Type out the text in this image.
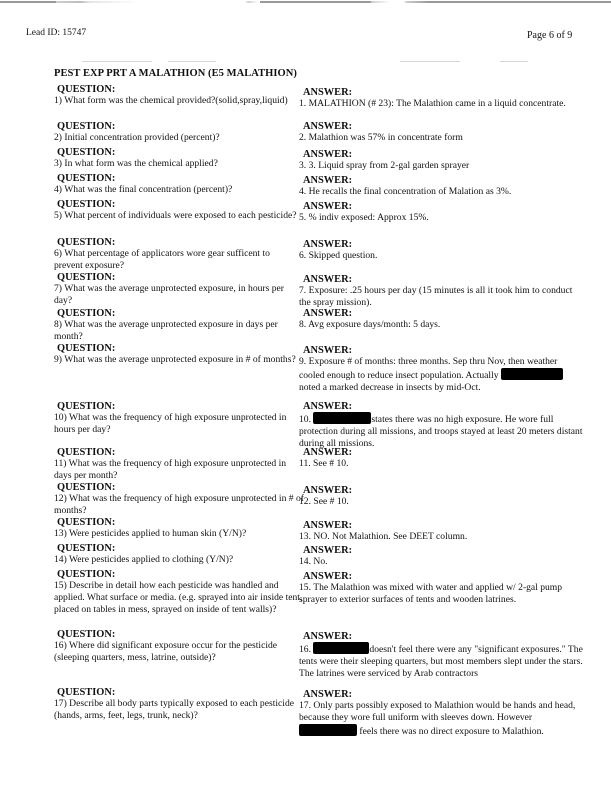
Lead ID: 15747	Page 6 of 9
PEST EXP PRT A MALATHION (E5 MALATHION)
QUESTION:
1) What form was the chemical provided?(solid,spray,liquid)
ANSWER:
1. MALATHION (# 23): The Malathion came in a liquid concentrate.
QUESTION:
2) Initial concentration provided (percent)?
ANSWER:
2. Malathion was 57% in concentrate form
QUESTION:
3) In what form was the chemical applied?
ANSWER:
3. 3. Liquid spray from 2-gal garden sprayer
QUESTION:
4) What was the final concentration (percent)?
ANSWER:
4. He recalls the final concentration of Malation as 3%.
QUESTION:
5) What percent of individuals were exposed to each pesticide?
ANSWER:
5. % indiv exposed: Approx 15%.
QUESTION:
6) What percentage of applicators wore gear sufficent to prevent exposure?
ANSWER:
6. Skipped question.
QUESTION:
7) What was the average unprotected exposure, in hours per day?
ANSWER:
7. Exposure: .25 hours per day (15 minutes is all it took him to conduct the spray mission).
QUESTION:
8) What was the average unprotected exposure in days per month?
ANSWER:
8. Avg exposure days/month: 5 days.
QUESTION:
9) What was the average unprotected exposure in # of months?
ANSWER:
9. Exposure # of months: three months. Sep thru Nov, then weather cooled enough to reduce insect population. Actually  noted a marked decrease in insects by mid-Oct.
QUESTION:
10) What was the frequency of high exposure unprotected in hours per day?
ANSWER:
10.	states there was no high exposure. He wore full protection during all missions, and troops stayed at least 20 meters distant during all missions.
QUESTION:
11) What was the frequency of high exposure unprotected in days per month?
ANSWER:
11. See # 10.
QUESTION:
12) What was the frequency of high exposure unprotected in # of months?
ANSWER:
12. See # 10.
QUESTION:
13) Were pesticides applied to human skin (Y/N)?
ANSWER:
13. NO. Not Malathion. See DEET column.
QUESTION:
14) Were pesticides applied to clothing (Y/N)?
ANSWER:
14. No.
QUESTION:
15) Describe in detail how each pesticide was handled and applied. What surface or media. (e.g. sprayed into air inside tent, placed on tables in mess, sprayed on inside of tent walls)?
ANSWER:
15. The Malathion was mixed with water and applied w/ 2-gal pump sprayer to exterior surfaces of tents and wooden latrines.
QUESTION:
16) Where did significant exposure occur for the pesticide (sleeping quarters, mess, latrine, outside)?
ANSWER:
16.	doesn't feel there were any "significant exposures." The tents were their sleeping quarters, but most members slept under the stars. The latrines were serviced by Arab contractors
QUESTION:
17) Describe all body parts typically exposed to each pesticide (hands, arms, feet, legs, trunk, neck)?
ANSWER:
17. Only parts possibly exposed to Malathion would be hands and head, because they wore full uniform with sleeves down. However  feels there was no direct exposure to Malathion.
